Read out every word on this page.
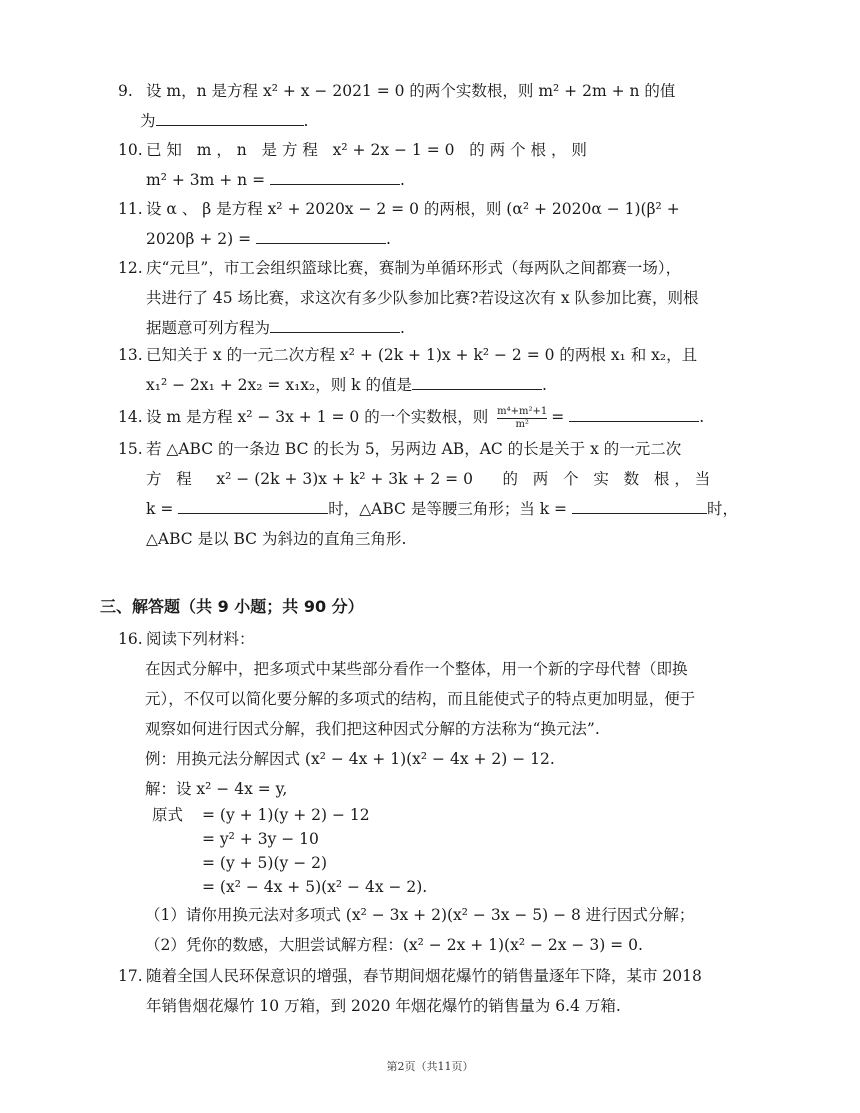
9. 设 m，n 是方程 x² + x − 2021 = 0 的两个实数根，则 m² + 2m + n 的值
为	.
10. 已 知   m ， n   是 方 程   x² + 2x − 1 = 0   的 两 个 根 ， 则
m² + 3m + n =	.
11. 设 α 、 β 是方程 x² + 2020x − 2 = 0 的两根，则 (α² + 2020α − 1)(β² +
2020β + 2) =	.
12. 庆“元旦”，市工会组织篮球比赛，赛制为单循环形式（每两队之间都赛一场），
共进行了 45 场比赛，求这次有多少队参加比赛?若设这次有 x 队参加比赛，则根
据题意可列方程为	.
13. 已知关于 x 的一元二次方程 x² + (2k + 1)x + k² − 2 = 0 的两根 x₁ 和 x₂，且
x₁² − 2x₁ + 2x₂ = x₁x₂，则 k 的值是	.
14. 设 m 是方程 x² − 3x + 1 = 0 的一个实数根，则 $\frac{\text{m⁴+m²+1}}{\text{m²}}$ =	.
15. 若 △ABC 的一条边 BC 的长为 5，另两边 AB，AC 的长是关于 x 的一元二次
方   程     x² − (2k + 3)x + k² + 3k + 2 = 0      的   两   个   实   数   根 ， 当
k =	时，△ABC 是等腰三角形；当 k =	时，
△ABC 是以 BC 为斜边的直角三角形.
三、解答题（共 9 小题；共 90 分）
16. 阅读下列材料：
在因式分解中，把多项式中某些部分看作一个整体，用一个新的字母代替（即换
元），不仅可以简化要分解的多项式的结构，而且能使式子的特点更加明显，便于
观察如何进行因式分解，我们把这种因式分解的方法称为“换元法”.
例：用换元法分解因式 (x² − 4x + 1)(x² − 4x + 2) − 12.
解：设 x² − 4x = y,
原式 = (y + 1)(y + 2) − 12
= y² + 3y − 10
= (y + 5)(y − 2)
= (x² − 4x + 5)(x² − 4x − 2).
（1）请你用换元法对多项式 (x² − 3x + 2)(x² − 3x − 5) − 8 进行因式分解；
（2）凭你的数感，大胆尝试解方程：(x² − 2x + 1)(x² − 2x − 3) = 0.
17. 随着全国人民环保意识的增强，春节期间烟花爆竹的销售量逐年下降，某市 2018
年销售烟花爆竹 10 万箱，到 2020 年烟花爆竹的销售量为 6.4 万箱.
第2页（共11页）
